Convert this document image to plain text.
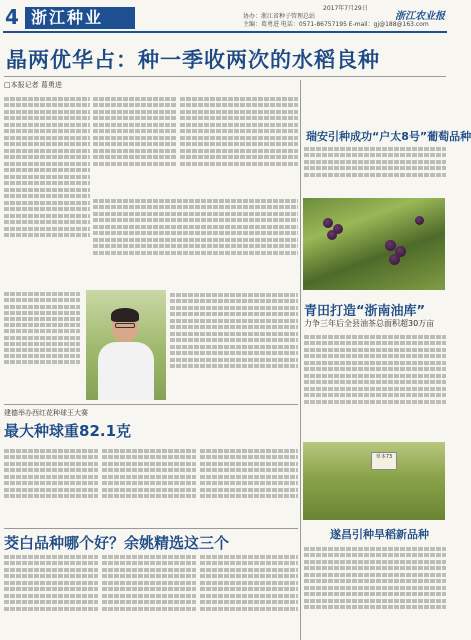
4 浙江种业	2017年7月29日
协办：浙江省种子管理总站
主编：葛勇进 电话：0571-86757195 E-mail：gj@188@163.com
浙江农业报
晶两优华占：种一季收两次的水稻良种
□本报记者 葛勇进
瑞安引种成功“户太8号”葡萄品种
青田打造“浙南油库”
力争三年后全县油茶总面积超30万亩
草本73
遂昌引种旱稻新品种
建德举办西红花种球王大赛
最大种球重82.1克
茭白品种哪个好？余姚精选这三个
